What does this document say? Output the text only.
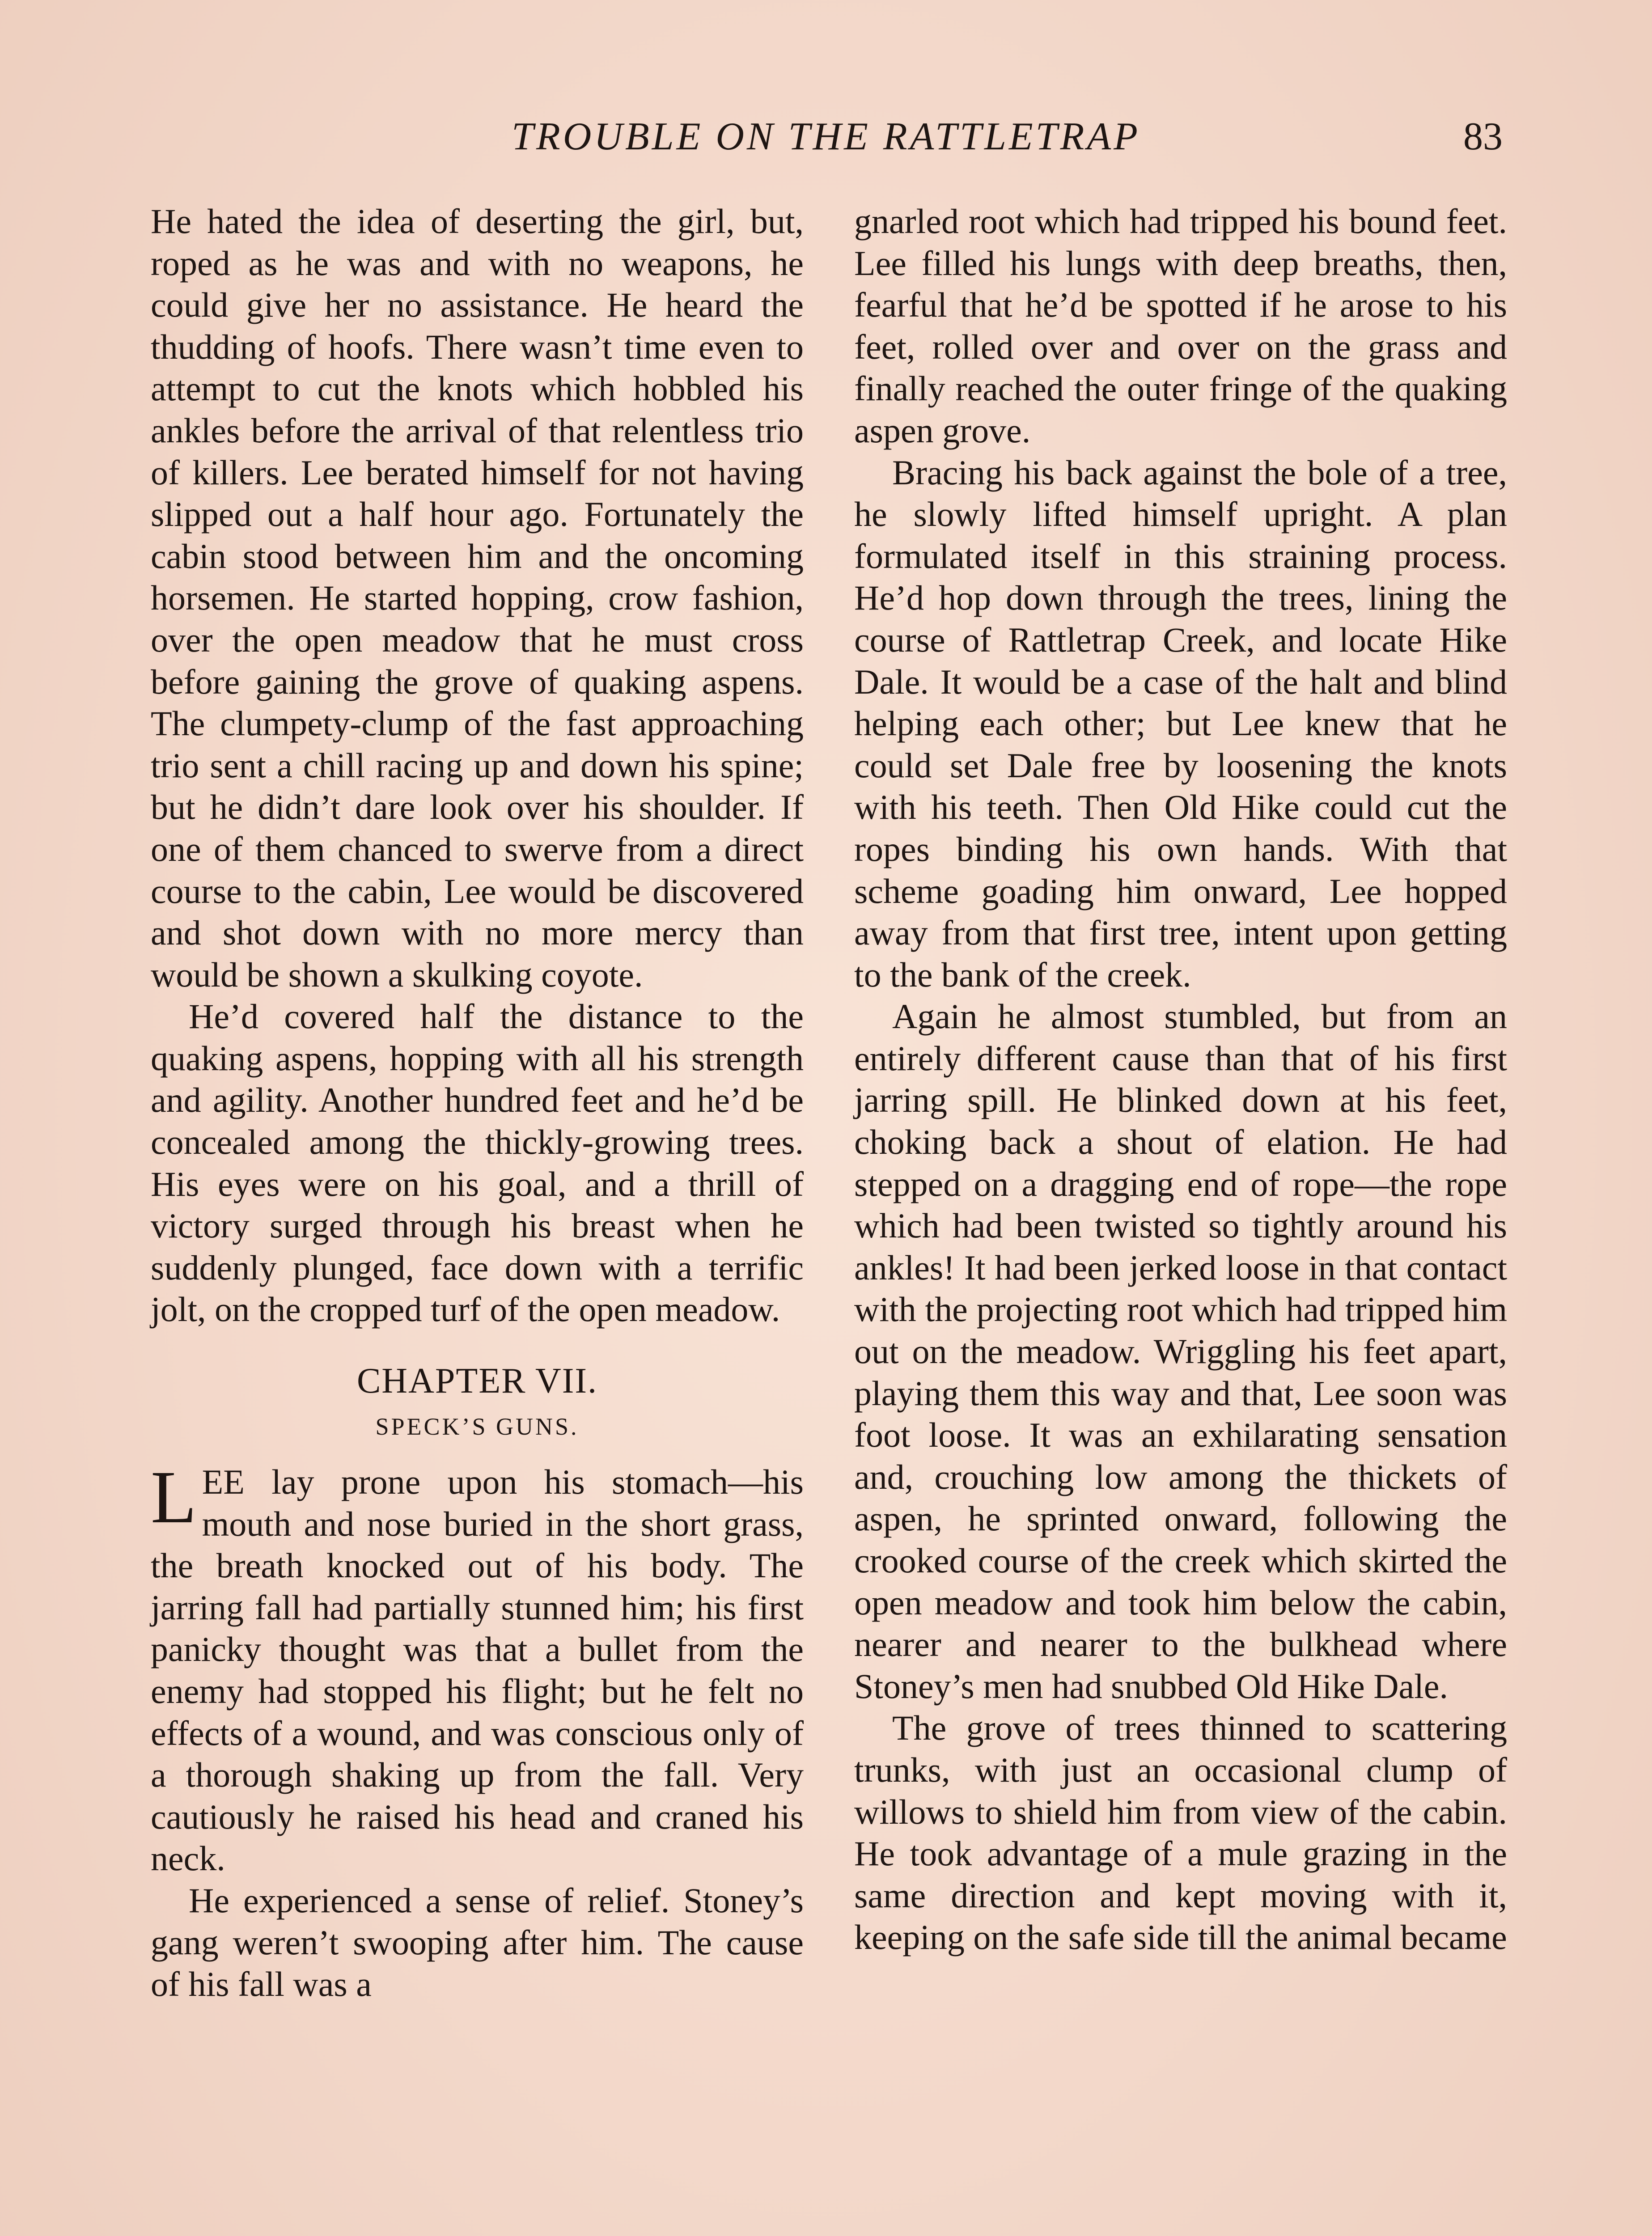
TROUBLE ON THE RATTLETRAP	83

He hated the idea of deserting the girl, but, roped as he was and with no weapons, he could give her no assistance. He heard the thudding of hoofs. There wasn’t time even to attempt to cut the knots which hobbled his ankles before the arrival of that relentless trio of killers. Lee berated himself for not having slipped out a half hour ago. Fortunately the cabin stood between him and the oncoming horsemen. He started hopping, crow fashion, over the open meadow that he must cross before gaining the grove of quaking aspens. The clumpety-clump of the fast approaching trio sent a chill racing up and down his spine; but he didn’t dare look over his shoulder. If one of them chanced to swerve from a direct course to the cabin, Lee would be discovered and shot down with no more mercy than would be shown a skulking coyote.

He’d covered half the distance to the quaking aspens, hopping with all his strength and agility. Another hundred feet and he’d be concealed among the thickly-growing trees. His eyes were on his goal, and a thrill of victory surged through his breast when he suddenly plunged, face down with a terrific jolt, on the cropped turf of the open meadow.

CHAPTER VII.
SPECK’S GUNS.

LEE lay prone upon his stomach—his mouth and nose buried in the short grass, the breath knocked out of his body. The jarring fall had partially stunned him; his first panicky thought was that a bullet from the enemy had stopped his flight; but he felt no effects of a wound, and was conscious only of a thorough shaking up from the fall. Very cautiously he raised his head and craned his neck.

He experienced a sense of relief. Stoney’s gang weren’t swooping after him. The cause of his fall was a

gnarled root which had tripped his bound feet. Lee filled his lungs with deep breaths, then, fearful that he’d be spotted if he arose to his feet, rolled over and over on the grass and finally reached the outer fringe of the quaking aspen grove.

Bracing his back against the bole of a tree, he slowly lifted himself upright. A plan formulated itself in this straining process. He’d hop down through the trees, lining the course of Rattletrap Creek, and locate Hike Dale. It would be a case of the halt and blind helping each other; but Lee knew that he could set Dale free by loosening the knots with his teeth. Then Old Hike could cut the ropes binding his own hands. With that scheme goading him onward, Lee hopped away from that first tree, intent upon getting to the bank of the creek.

Again he almost stumbled, but from an entirely different cause than that of his first jarring spill. He blinked down at his feet, choking back a shout of elation. He had stepped on a dragging end of rope—the rope which had been twisted so tightly around his ankles! It had been jerked loose in that contact with the projecting root which had tripped him out on the meadow. Wriggling his feet apart, playing them this way and that, Lee soon was foot loose. It was an exhilarating sensation and, crouching low among the thickets of aspen, he sprinted onward, following the crooked course of the creek which skirted the open meadow and took him below the cabin, nearer and nearer to the bulkhead where Stoney’s men had snubbed Old Hike Dale.

The grove of trees thinned to scattering trunks, with just an occasional clump of willows to shield him from view of the cabin. He took advantage of a mule grazing in the same direction and kept moving with it, keeping on the safe side till the animal became
